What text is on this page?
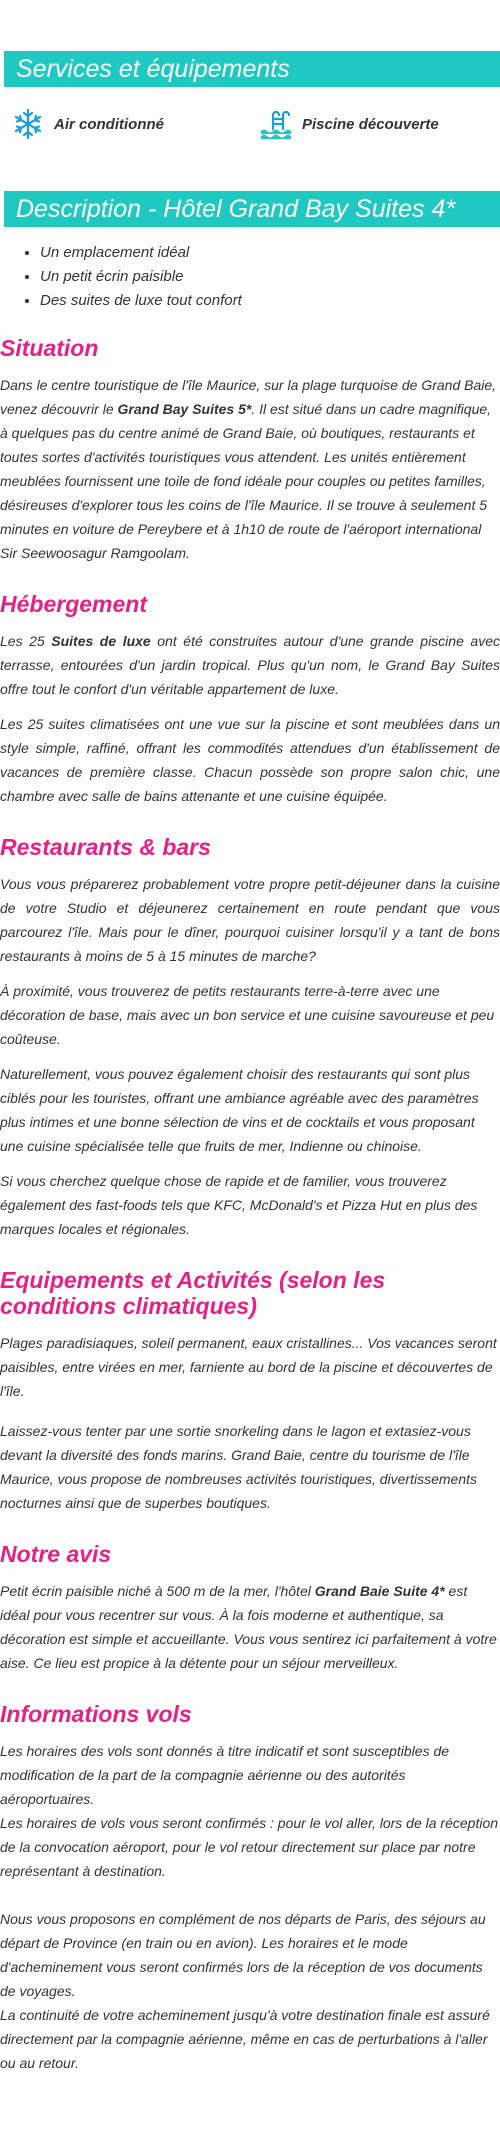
Services et équipements
Air conditionné	Piscine découverte
Description - Hôtel Grand Bay Suites 4*
• Un emplacement idéal
• Un petit écrin paisible
• Des suites de luxe tout confort
Situation

Dans le centre touristique de l'île Maurice, sur la plage turquoise de Grand Baie, venez découvrir le Grand Bay Suites 5*. Il est situé dans un cadre magnifique, à quelques pas du centre animé de Grand Baie, où boutiques, restaurants et toutes sortes d'activités touristiques vous attendent. Les unités entièrement meublées fournissent une toile de fond idéale pour couples ou petites familles, désireuses d'explorer tous les coins de l'île Maurice. Il se trouve à seulement 5 minutes en voiture de Pereybere et à 1h10 de route de l'aéroport international Sir Seewoosagur Ramgoolam.

Hébergement

Les 25 Suites de luxe ont été construites autour d'une grande piscine avec terrasse, entourées d'un jardin tropical. Plus qu'un nom, le Grand Bay Suites offre tout le confort d'un véritable appartement de luxe.

Les 25 suites climatisées ont une vue sur la piscine et sont meublées dans un style simple, raffiné, offrant les commodités attendues d'un établissement de vacances de première classe. Chacun possède son propre salon chic, une chambre avec salle de bains attenante et une cuisine équipée.

Restaurants & bars

Vous vous préparerez probablement votre propre petit-déjeuner dans la cuisine de votre Studio et déjeunerez certainement en route pendant que vous parcourez l'île. Mais pour le dîner, pourquoi cuisiner lorsqu'il y a tant de bons restaurants à moins de 5 à 15 minutes de marche?

À proximité, vous trouverez de petits restaurants terre-à-terre avec une décoration de base, mais avec un bon service et une cuisine savoureuse et peu coûteuse.

Naturellement, vous pouvez également choisir des restaurants qui sont plus ciblés pour les touristes, offrant une ambiance agréable avec des paramètres plus intimes et une bonne sélection de vins et de cocktails et vous proposant une cuisine spécialisée telle que fruits de mer, Indienne ou chinoise.

Si vous cherchez quelque chose de rapide et de familier, vous trouverez également des fast-foods tels que KFC, McDonald's et Pizza Hut en plus des marques locales et régionales.

Equipements et Activités (selon les conditions climatiques)

Plages paradisiaques, soleil permanent, eaux cristallines... Vos vacances seront paisibles, entre virées en mer, farniente au bord de la piscine et découvertes de l'île.

Laissez-vous tenter par une sortie snorkeling dans le lagon et extasiez-vous devant la diversité des fonds marins. Grand Baie, centre du tourisme de l'île Maurice, vous propose de nombreuses activités touristiques, divertissements nocturnes ainsi que de superbes boutiques.

Notre avis

Petit écrin paisible niché à 500 m de la mer, l'hôtel Grand Baie Suite 4* est idéal pour vous recentrer sur vous. À la fois moderne et authentique, sa décoration est simple et accueillante. Vous vous sentirez ici parfaitement à votre aise. Ce lieu est propice à la détente pour un séjour merveilleux.

Informations vols

Les horaires des vols sont donnés à titre indicatif et sont susceptibles de modification de la part de la compagnie aérienne ou des autorités aéroportuaires.

Les horaires de vols vous seront confirmés : pour le vol aller, lors de la réception de la convocation aéroport, pour le vol retour directement sur place par notre représentant à destination.

Nous vous proposons en complément de nos départs de Paris, des séjours au départ de Province (en train ou en avion). Les horaires et le mode d'acheminement vous seront confirmés lors de la réception de vos documents de voyages.

La continuité de votre acheminement jusqu'à votre destination finale est assuré directement par la compagnie aérienne, même en cas de perturbations à l'aller ou au retour.
